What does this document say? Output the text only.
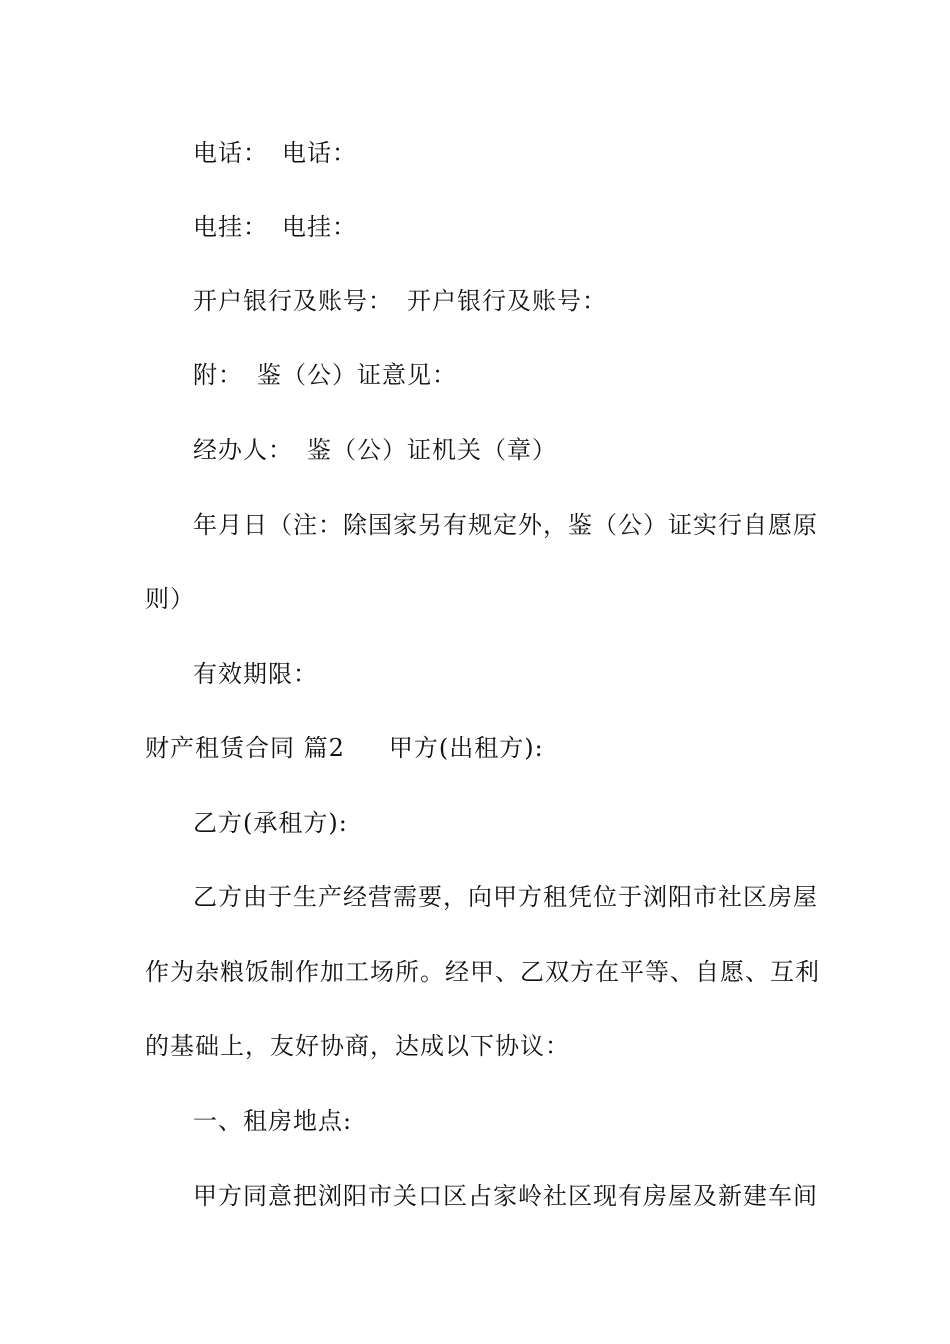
电话： 电话：
电挂： 电挂：
开户银行及账号： 开户银行及账号：
附： 鉴（公）证意见：
经办人： 鉴（公）证机关（章）
年月日（注：除国家另有规定外，鉴（公）证实行自愿原
则）
有效期限：
财产租赁合同 篇2 甲方(出租方):
乙方(承租方):
乙方由于生产经营需要，向甲方租凭位于浏阳市社区房屋
作为杂粮饭制作加工场所。经甲、乙双方在平等、自愿、互利
的基础上，友好协商，达成以下协议：
一、租房地点:
甲方同意把浏阳市关口区占家岭社区现有房屋及新建车间
